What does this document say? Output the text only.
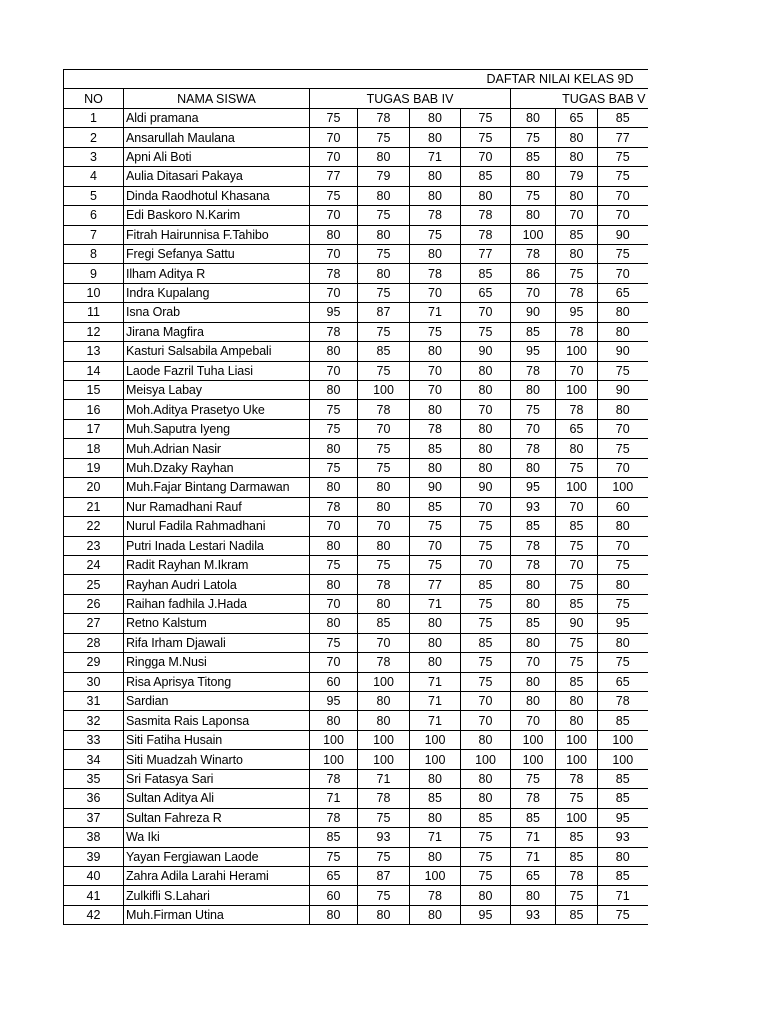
DAFTAR NILAI KELAS 9D								
NO	NAMA SISWA	TUGAS BAB IV				TUGAS BAB V		
1	Aldi pramana	75	78	80	75	80	65	85
2	Ansarullah Maulana	70	75	80	75	75	80	77
3	Apni Ali Boti	70	80	71	70	85	80	75
4	Aulia Ditasari Pakaya	77	79	80	85	80	79	75
5	Dinda Raodhotul Khasana	75	80	80	80	75	80	70
6	Edi Baskoro N.Karim	70	75	78	78	80	70	70
7	Fitrah Hairunnisa F.Tahibo	80	80	75	78	100	85	90
8	Fregi Sefanya Sattu	70	75	80	77	78	80	75
9	Ilham Aditya R	78	80	78	85	86	75	70
10	Indra Kupalang	70	75	70	65	70	78	65
11	Isna Orab	95	87	71	70	90	95	80
12	Jirana Magfira	78	75	75	75	85	78	80
13	Kasturi Salsabila Ampebali	80	85	80	90	95	100	90
14	Laode Fazril Tuha Liasi	70	75	70	80	78	70	75
15	Meisya Labay	80	100	70	80	80	100	90
16	Moh.Aditya Prasetyo Uke	75	78	80	70	75	78	80
17	Muh.Saputra Iyeng	75	70	78	80	70	65	70
18	Muh.Adrian Nasir	80	75	85	80	78	80	75
19	Muh.Dzaky Rayhan	75	75	80	80	80	75	70
20	Muh.Fajar Bintang Darmawan	80	80	90	90	95	100	100
21	Nur Ramadhani Rauf	78	80	85	70	93	70	60
22	Nurul Fadila Rahmadhani	70	70	75	75	85	85	80
23	Putri Inada Lestari Nadila	80	80	70	75	78	75	70
24	Radit Rayhan M.Ikram	75	75	75	70	78	70	75
25	Rayhan Audri Latola	80	78	77	85	80	75	80
26	Raihan fadhila J.Hada	70	80	71	75	80	85	75
27	Retno Kalstum	80	85	80	75	85	90	95
28	Rifa Irham Djawali	75	70	80	85	80	75	80
29	Ringga M.Nusi	70	78	80	75	70	75	75
30	Risa Aprisya Titong	60	100	71	75	80	85	65
31	Sardian	95	80	71	70	80	80	78
32	Sasmita Rais Laponsa	80	80	71	70	70	80	85
33	Siti Fatiha Husain	100	100	100	80	100	100	100
34	Siti Muadzah Winarto	100	100	100	100	100	100	100
35	Sri Fatasya Sari	78	71	80	80	75	78	85
36	Sultan Aditya Ali	71	78	85	80	78	75	85
37	Sultan Fahreza R	78	75	80	85	85	100	95
38	Wa Iki	85	93	71	75	71	85	93
39	Yayan Fergiawan Laode	75	75	80	75	71	85	80
40	Zahra Adila Larahi Herami	65	87	100	75	65	78	85
41	Zulkifli S.Lahari	60	75	78	80	80	75	71
42	Muh.Firman Utina	80	80	80	95	93	85	75
